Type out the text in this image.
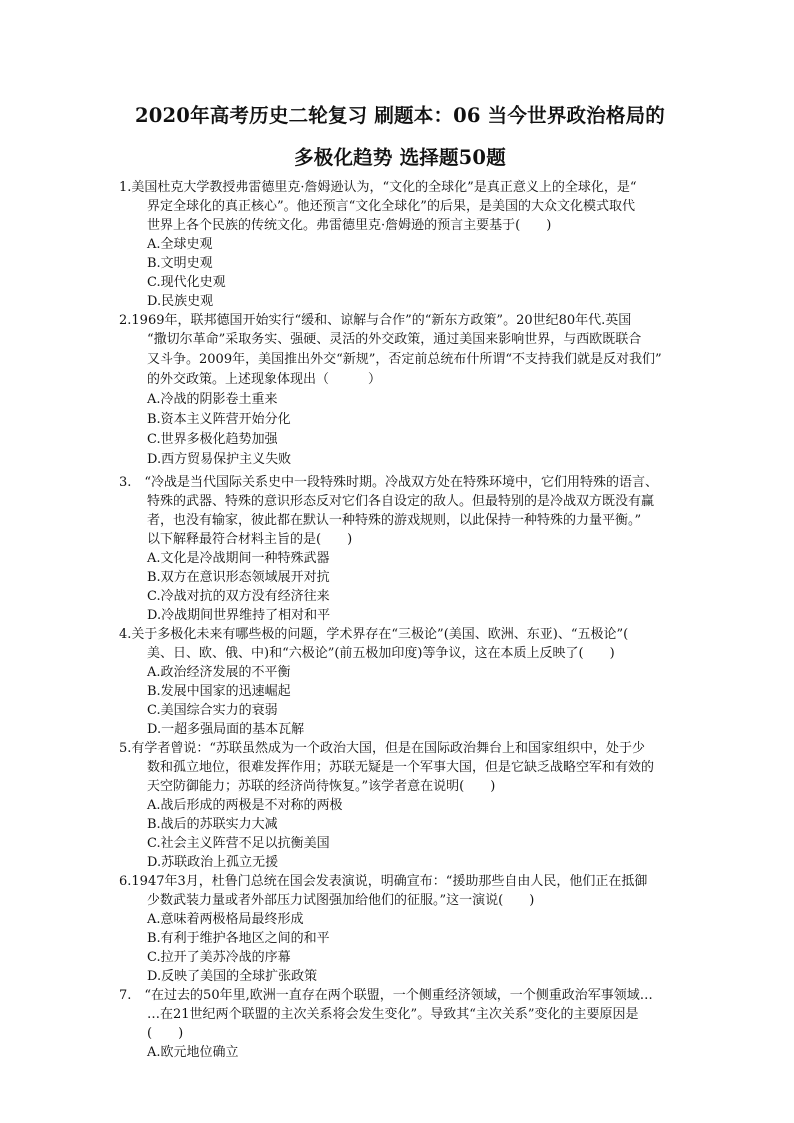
2020年高考历史二轮复习 刷题本：06 当今世界政治格局的
多极化趋势 选择题50题
1.美国杜克大学教授弗雷德里克·詹姆逊认为，“文化的全球化”是真正意义上的全球化，是“
界定全球化的真正核心”。他还预言“文化全球化”的后果，是美国的大众文化模式取代
世界上各个民族的传统文化。弗雷德里克·詹姆逊的预言主要基于(　　)
A.全球史观
B.文明史观
C.现代化史观
D.民族史观
2.1969年，联邦德国开始实行“缓和、谅解与合作”的“新东方政策”。20世纪80年代.英国
“撒切尔革命”采取务实、强硬、灵活的外交政策，通过美国来影响世界，与西欧既联合
又斗争。2009年，美国推出外交“新规”，否定前总统布什所谓“不支持我们就是反对我们”
的外交政策。上述现象体现出（　　　）
A.冷战的阴影卷土重来
B.资本主义阵营开始分化
C.世界多极化趋势加强
D.西方贸易保护主义失败
3.　“冷战是当代国际关系史中一段特殊时期。冷战双方处在特殊环境中，它们用特殊的语言、
特殊的武器、特殊的意识形态反对它们各自设定的敌人。但最特别的是冷战双方既没有赢
者，也没有输家，彼此都在默认一种特殊的游戏规则，以此保持一种特殊的力量平衡。”
以下解释最符合材料主旨的是(　　)
A.文化是冷战期间一种特殊武器
B.双方在意识形态领域展开对抗
C.冷战对抗的双方没有经济往来
D.冷战期间世界维持了相对和平
4.关于多极化未来有哪些极的问题，学术界存在“三极论”(美国、欧洲、东亚)、“五极论”(
美、日、欧、俄、中)和“六极论”(前五极加印度)等争议，这在本质上反映了(　　)
A.政治经济发展的不平衡
B.发展中国家的迅速崛起
C.美国综合实力的衰弱
D.一超多强局面的基本瓦解
5.有学者曾说：“苏联虽然成为一个政治大国，但是在国际政治舞台上和国家组织中，处于少
数和孤立地位，很难发挥作用；苏联无疑是一个军事大国，但是它缺乏战略空军和有效的
天空防御能力；苏联的经济尚待恢复。”该学者意在说明(　　)
A.战后形成的两极是不对称的两极
B.战后的苏联实力大减
C.社会主义阵营不足以抗衡美国
D.苏联政治上孤立无援
6.1947年3月，杜鲁门总统在国会发表演说，明确宣布：“援助那些自由人民，他们正在抵御
少数武装力量或者外部压力试图强加给他们的征服。”这一演说(　　)
A.意味着两极格局最终形成
B.有利于维护各地区之间的和平
C.拉开了美苏冷战的序幕
D.反映了美国的全球扩张政策
7.　“在过去的50年里,欧洲一直存在两个联盟，一个侧重经济领域，一个侧重政治军事领域…
…在21世纪两个联盟的主次关系将会发生变化”。导致其“主次关系”变化的主要原因是
(　　)
A.欧元地位确立
